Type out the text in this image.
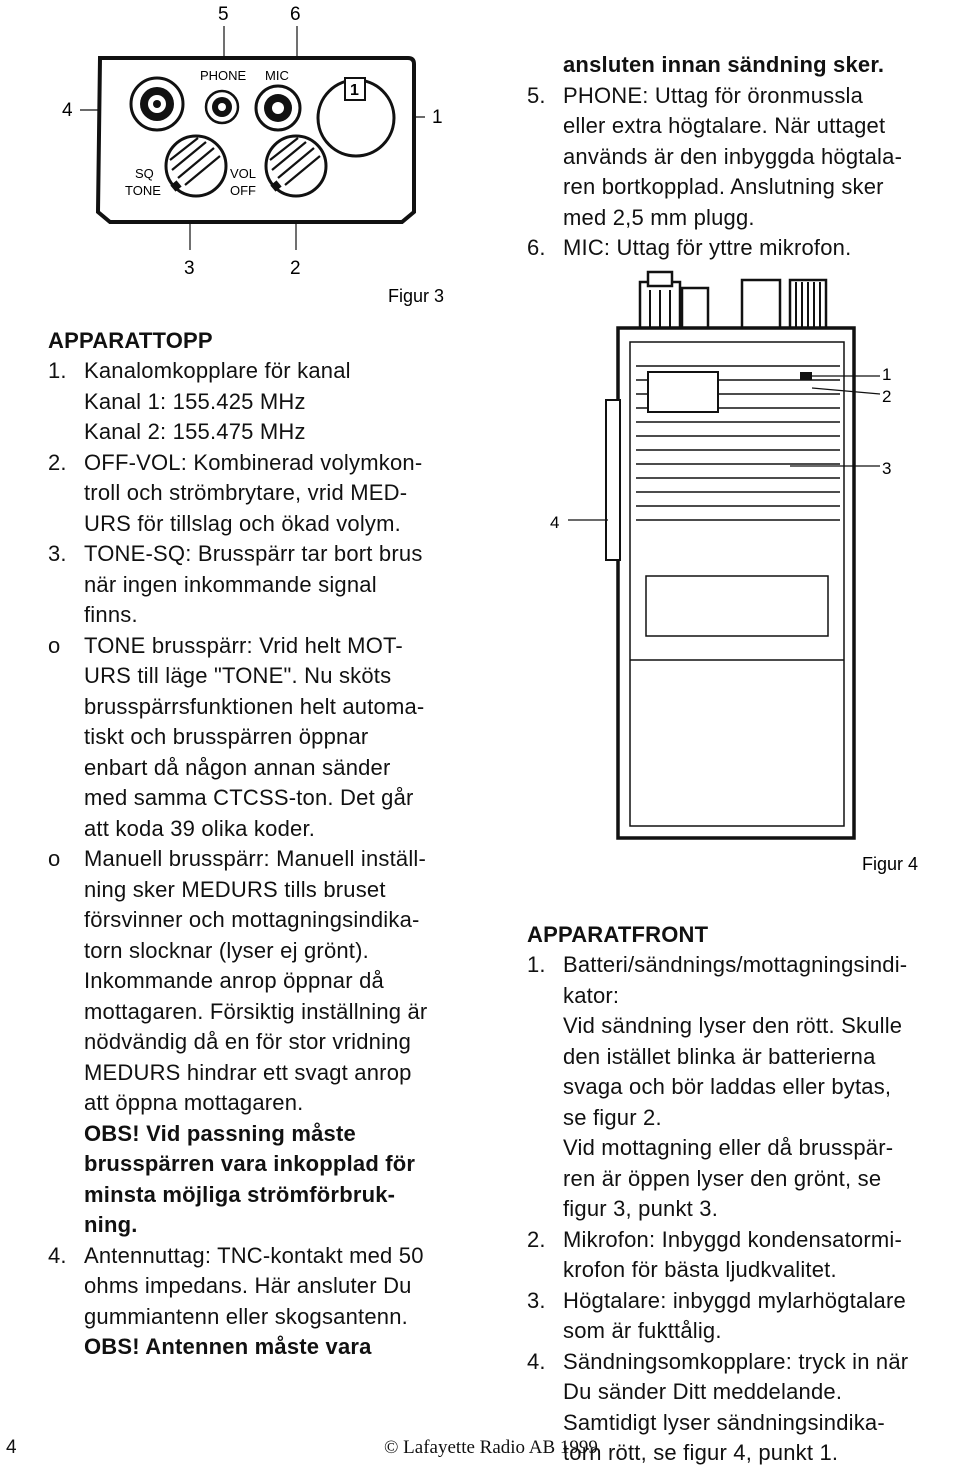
5	6
4	1
PHONE MIC
1
SQ
TONE
VOL
OFF
3	2
Figur 3
APPARATTOPP
1. Kanalomkopplare för kanal
Kanal 1: 155.425 MHz
Kanal 2: 155.475 MHz
2. OFF-VOL: Kombinerad volymkon-
troll och strömbrytare, vrid MED-
URS för tillslag och ökad volym.
3. TONE-SQ: Brusspärr tar bort brus
när ingen inkommande signal
finns.
o TONE brusspärr: Vrid helt MOT-
URS till läge "TONE". Nu sköts
brusspärrsfunktionen helt automa-
tiskt och brusspärren öppnar
enbart då någon annan sänder
med samma CTCSS-ton. Det går
att koda 39 olika koder.
o Manuell brusspärr: Manuell inställ-
ning sker MEDURS tills bruset
försvinner och mottagningsindika-
torn slocknar (lyser ej grönt).
Inkommande anrop öppnar då
mottagaren. Försiktig inställning är
nödvändig då en för stor vridning
MEDURS hindrar ett svagt anrop
att öppna mottagaren.
OBS! Vid passning måste
brusspärren vara inkopplad för
minsta möjliga strömförbruk-
ning.
4. Antennuttag: TNC-kontakt med 50
ohms impedans. Här ansluter Du
gummiantenn eller skogsantenn.
OBS! Antennen måste vara
ansluten innan sändning sker.
5. PHONE: Uttag för öronmussla
eller extra högtalare. När uttaget
används är den inbyggda högtala-
ren bortkopplad. Anslutning sker
med 2,5 mm plugg.
6. MIC: Uttag för yttre mikrofon.
1
2
3
4
Figur 4
APPARATFRONT
1. Batteri/sändnings/mottagningsindi-
kator:
Vid sändning lyser den rött. Skulle
den istället blinka är batterierna
svaga och bör laddas eller bytas,
se figur 2.
Vid mottagning eller då brusspär-
ren är öppen lyser den grönt, se
figur 3, punkt 3.
2. Mikrofon: Inbyggd kondensatormi-
krofon för bästa ljudkvalitet.
3. Högtalare: inbyggd mylarhögtalare
som är fukttålig.
4. Sändningsomkopplare: tryck in när
Du sänder Ditt meddelande.
Samtidigt lyser sändningsindika-
torn rött, se figur 4, punkt 1.
4	© Lafayette Radio AB 1999
